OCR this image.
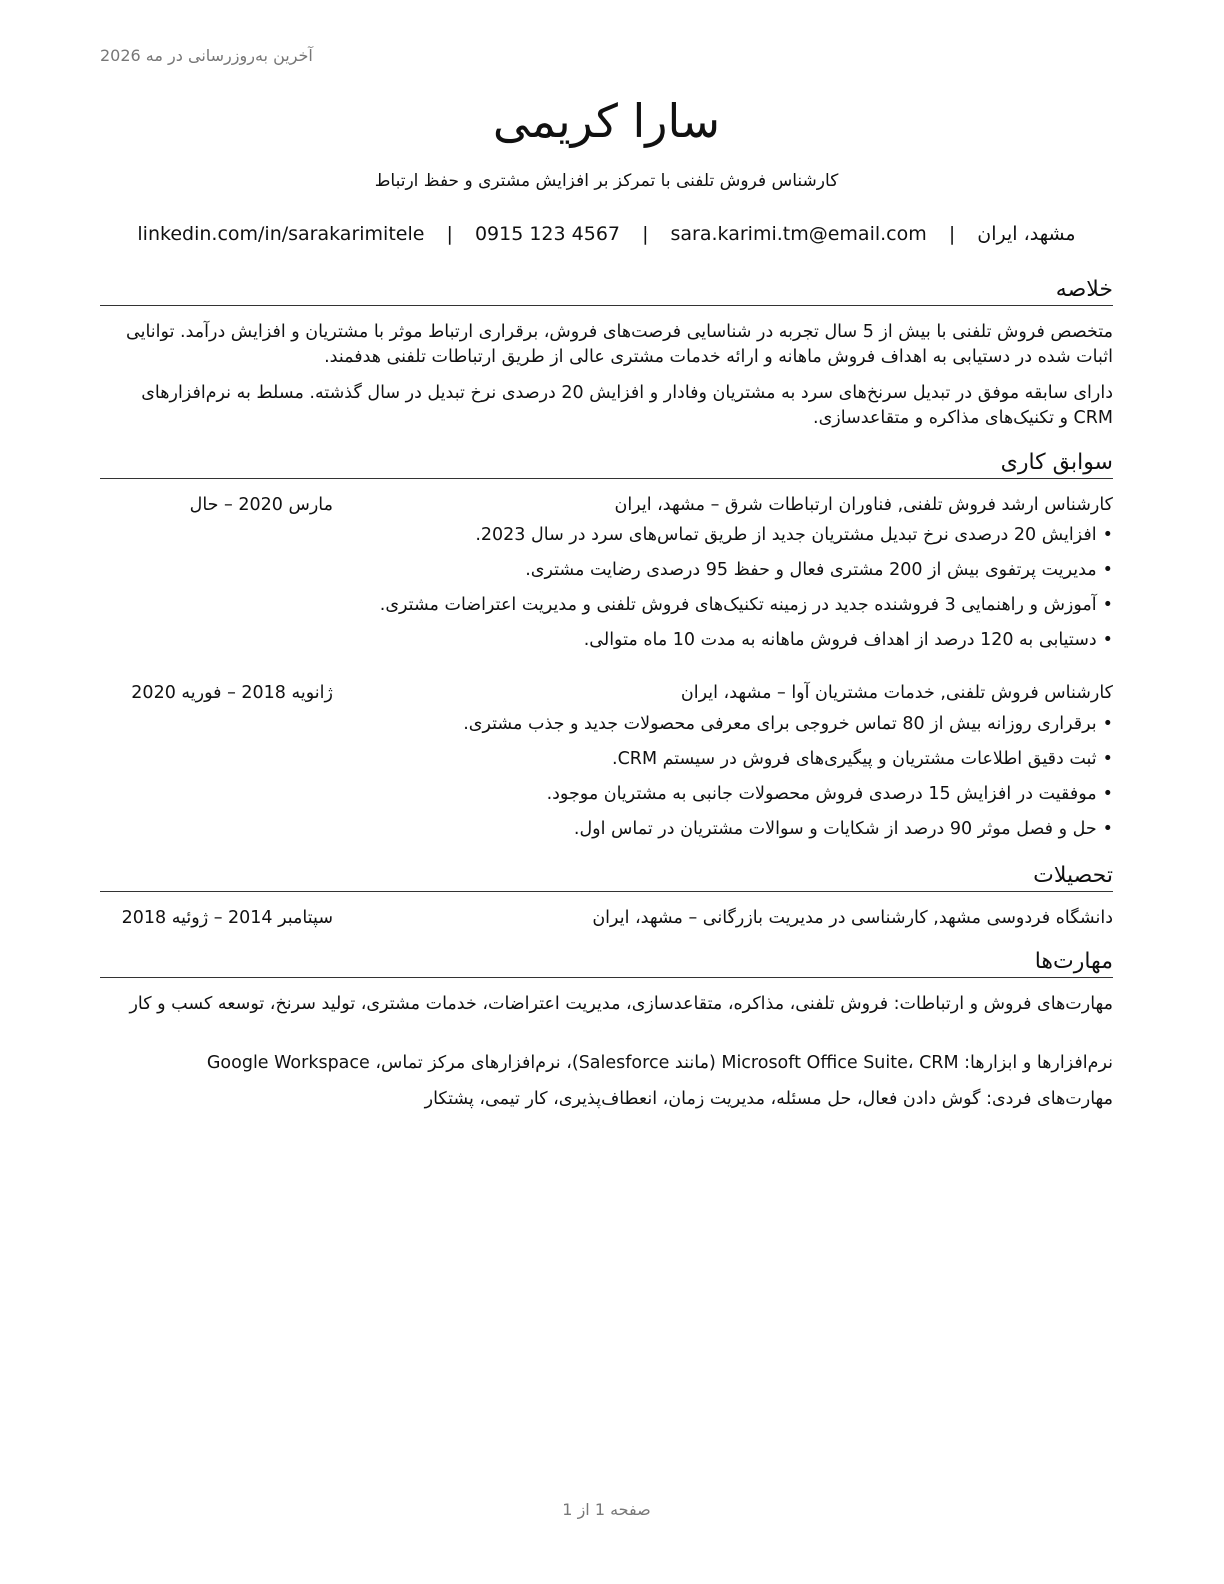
آخرین به‌روزرسانی در مه 2026
سارا کریمی
کارشناس فروش تلفنی با تمرکز بر افزایش مشتری و حفظ ارتباط
مشهد، ایران | sara.karimi.tm@email.com | 0915 123 4567 | linkedin.com/in/sarakarimitele
خلاصه
متخصص فروش تلفنی با بیش از 5 سال تجربه در شناسایی فرصت‌های فروش، برقراری ارتباط موثر با مشتریان و افزایش درآمد. توانایی اثبات شده در دستیابی به اهداف فروش ماهانه و ارائه خدمات مشتری عالی از طریق ارتباطات تلفنی هدفمند.
دارای سابقه موفق در تبدیل سرنخ‌های سرد به مشتریان وفادار و افزایش 20 درصدی نرخ تبدیل در سال گذشته. مسلط به نرم‌افزارهای CRM و تکنیک‌های مذاکره و متقاعدسازی.
سوابق کاری
کارشناس ارشد فروش تلفنی, فناوران ارتباطات شرق – مشهد، ایران
مارس 2020 – حال
•افزایش 20 درصدی نرخ تبدیل مشتریان جدید از طریق تماس‌های سرد در سال 2023.
•مدیریت پرتفوی بیش از 200 مشتری فعال و حفظ 95 درصدی رضایت مشتری.
•آموزش و راهنمایی 3 فروشنده جدید در زمینه تکنیک‌های فروش تلفنی و مدیریت اعتراضات مشتری.
•دستیابی به 120 درصد از اهداف فروش ماهانه به مدت 10 ماه متوالی.
کارشناس فروش تلفنی, خدمات مشتریان آوا – مشهد، ایران
ژانویه 2018 – فوریه 2020
•برقراری روزانه بیش از 80 تماس خروجی برای معرفی محصولات جدید و جذب مشتری.
•ثبت دقیق اطلاعات مشتریان و پیگیری‌های فروش در سیستم CRM.
•موفقیت در افزایش 15 درصدی فروش محصولات جانبی به مشتریان موجود.
•حل و فصل موثر 90 درصد از شکایات و سوالات مشتریان در تماس اول.
تحصیلات
دانشگاه فردوسی مشهد, کارشناسی در مدیریت بازرگانی – مشهد، ایران
سپتامبر 2014 – ژوئیه 2018
مهارت‌ها
مهارت‌های فروش و ارتباطات: فروش تلفنی، مذاکره، متقاعدسازی، مدیریت اعتراضات، خدمات مشتری، تولید سرنخ، توسعه کسب و کار
نرم‌افزارها و ابزارها: Microsoft Office Suite، CRM (مانند Salesforce)، نرم‌افزارهای مرکز تماس، Google Workspace
مهارت‌های فردی: گوش دادن فعال، حل مسئله، مدیریت زمان، انعطاف‌پذیری، کار تیمی، پشتکار
صفحه 1 از 1
